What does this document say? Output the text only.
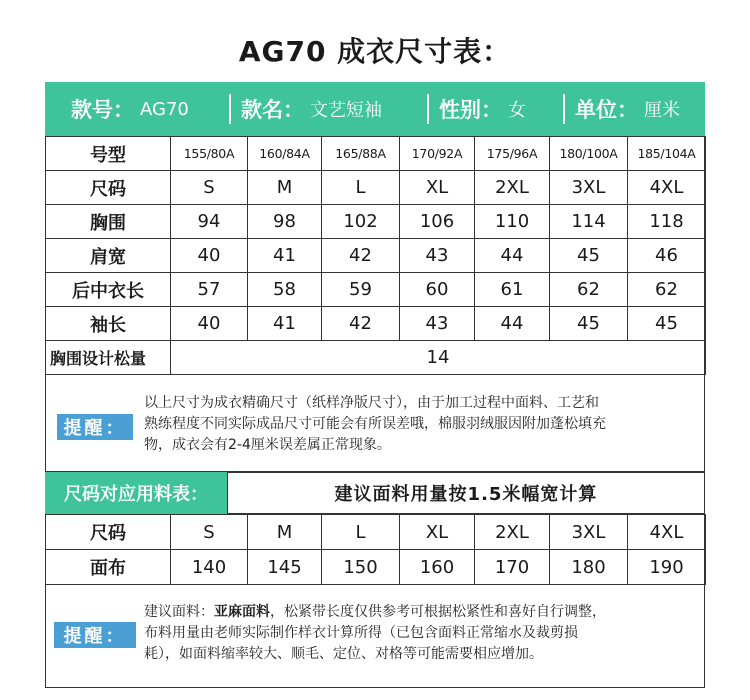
AG70 成衣尺寸表：
款号： AG70 款名： 文艺短袖	性别： 女 单位： 厘米
号型	155/80A	160/84A	165/88A	170/92A	175/96A	180/100A	185/104A
尺码	S	M	L	XL	2XL	3XL	4XL
胸围	94	98	102	106	110	114	118
肩宽	40	41	42	43	44	45	46
后中衣长	57	58	59	60	61	62	62
袖长	40	41	42	43	44	45	45
胸围设计松量	14						
提醒：
以上尺寸为成衣精确尺寸（纸样净版尺寸），由于加工过程中面料、工艺和
熟练程度不同实际成品尺寸可能会有所误差哦，棉服羽绒服因附加蓬松填充
物，成衣会有2-4厘米误差属正常现象。
尺码对应用料表：	建议面料用量按1.5米幅宽计算
尺码	S	M	L	XL	2XL	3XL	4XL
面布	140	145	150	160	170	180	190
提醒：
建议面料：亚麻面料，松紧带长度仅供参考可根据松紧性和喜好自行调整，
布料用量由老师实际制作样衣计算所得（已包含面料正常缩水及裁剪损
耗），如面料缩率较大、顺毛、定位、对格等可能需要相应增加。
